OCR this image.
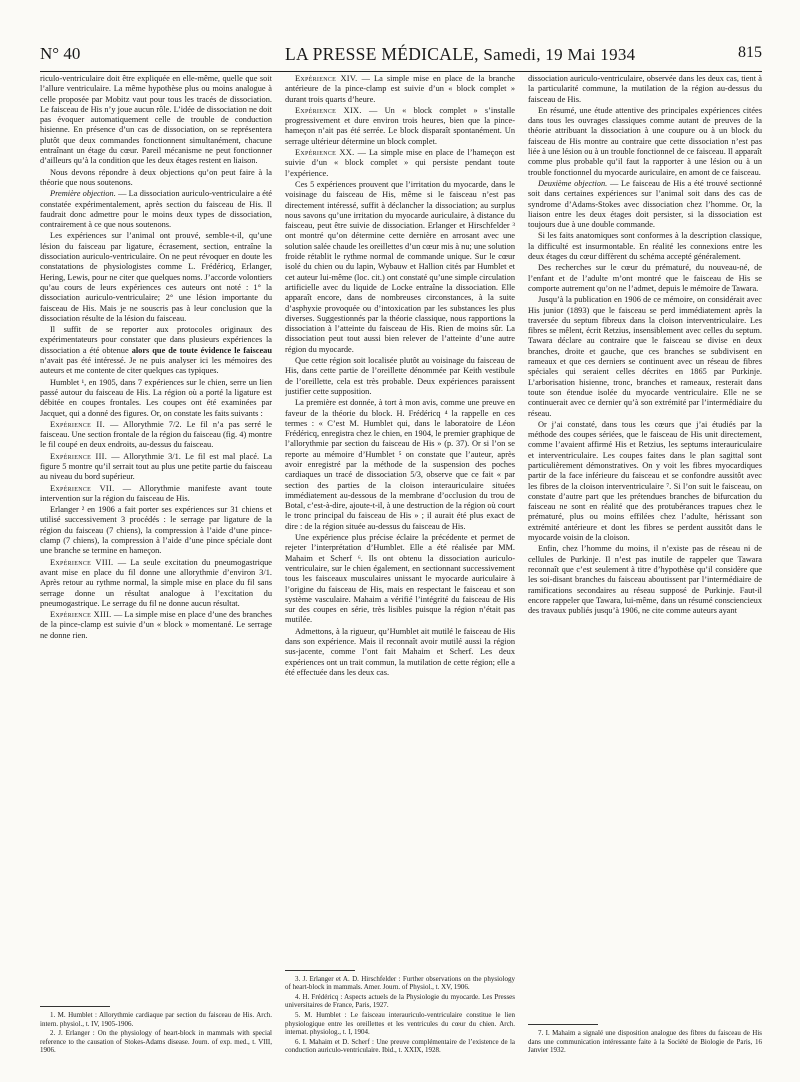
N° 40	LA PRESSE MÉDICALE, Samedi, 19 Mai 1934	815

riculo-ventriculaire doit être expliquée en elle-même, quelle que soit l’allure ventriculaire. La même hypothèse plus ou moins analogue à celle proposée par Mobitz vaut pour tous les tracés de dissociation. Le faisceau de His n’y joue aucun rôle. L’idée de dissociation ne doit pas évoquer automatiquement celle de trouble de conduction hisienne. En présence d’un cas de dissociation, on se représentera plutôt que deux commandes fonctionnent simultanément, chacune entraînant un étage du cœur. Pareil mécanisme ne peut fonctionner d’ailleurs qu’à la condition que les deux étages restent en liaison.

Nous devons répondre à deux objections qu’on peut faire à la théorie que nous soutenons.

Première objection. — La dissociation auriculo-ventriculaire a été constatée expérimentalement, après section du faisceau de His. Il faudrait donc admettre pour le moins deux types de dissociation, contrairement à ce que nous soutenons.

Les expériences sur l’animal ont prouvé, semble-t-il, qu’une lésion du faisceau par ligature, écrasement, section, entraîne la dissociation auriculo-ventriculaire. On ne peut révoquer en doute les constatations de physiologistes comme L. Frédéricq, Erlanger, Hering, Lewis, pour ne citer que quelques noms. J’accorde volontiers qu’au cours de leurs expériences ces auteurs ont noté : 1° la dissociation auriculo-ventriculaire; 2° une lésion importante du faisceau de His. Mais je ne souscris pas à leur conclusion que la dissociation résulte de la lésion du faisceau.

Il suffit de se reporter aux protocoles originaux des expérimentateurs pour constater que dans plusieurs expériences la dissociation a été obtenue alors que de toute évidence le faisceau n’avait pas été intéressé. Je ne puis analyser ici les mémoires des auteurs et me contente de citer quelques cas typiques.

Humblet ¹, en 1905, dans 7 expériences sur le chien, serre un lien passé autour du faisceau de His. La région où a porté la ligature est débitée en coupes frontales. Les coupes ont été examinées par Jacquet, qui a donné des figures. Or, on constate les faits suivants :

Expérience II. — Allorythmie 7/2. Le fil n’a pas serré le faisceau. Une section frontale de la région du faisceau (fig. 4) montre le fil coupé en deux endroits, au-dessus du faisceau.

Expérience III. — Allorythmie 3/1. Le fil est mal placé. La figure 5 montre qu’il serrait tout au plus une petite partie du faisceau au niveau du bord supérieur.

Expérience VII. — Allorythmie manifeste avant toute intervention sur la région du faisceau de His.

Erlanger ² en 1906 a fait porter ses expériences sur 31 chiens et utilisé successivement 3 procédés : le serrage par ligature de la région du faisceau (7 chiens), la compression à l’aide d’une pince-clamp (7 chiens), la compression à l’aide d’une pince spéciale dont une branche se termine en hameçon.

Expérience VIII. — La seule excitation du pneumogastrique avant mise en place du fil donne une allorythmie d’environ 3/1. Après retour au rythme normal, la simple mise en place du fil sans serrage donne un résultat analogue à l’excitation du pneumogastrique. Le serrage du fil ne donne aucun résultat.

Expérience XIII. — La simple mise en place d’une des branches de la pince-clamp est suivie d’un « block » momentané. Le serrage ne donne rien.

1. M. Humblet : Allorythmie cardiaque par section du faisceau de His. Arch. intern. physiol., t. IV, 1905-1906.

2. J. Erlanger : On the physiology of heart-block in mammals with special reference to the causation of Stokes-Adams disease. Journ. of exp. med., t. VIII, 1906.

Expérience XIV. — La simple mise en place de la branche antérieure de la pince-clamp est suivie d’un « block complet » durant trois quarts d’heure.

Expérience XIX. — Un « block complet » s’installe progressivement et dure environ trois heures, bien que la pince-hameçon n’ait pas été serrée. Le block disparaît spontanément. Un serrage ultérieur détermine un block complet.

Expérience XX. — La simple mise en place de l’hameçon est suivie d’un « block complet » qui persiste pendant toute l’expérience.

Ces 5 expériences prouvent que l’irritation du myocarde, dans le voisinage du faisceau de His, même si le faisceau n’est pas directement intéressé, suffit à déclancher la dissociation; au surplus nous savons qu’une irritation du myocarde auriculaire, à distance du faisceau, peut être suivie de dissociation. Erlanger et Hirschfelder ³ ont montré qu’on détermine cette dernière en arrosant avec une solution salée chaude les oreillettes d’un cœur mis à nu; une solution froide rétablit le rythme normal de commande unique. Sur le cœur isolé du chien ou du lapin, Wybauw et Hallion cités par Humblet et cet auteur lui-même (loc. cit.) ont constaté qu’une simple circulation artificielle avec du liquide de Locke entraîne la dissociation. Elle apparaît encore, dans de nombreuses circonstances, à la suite d’asphyxie provoquée ou d’intoxication par les substances les plus diverses. Suggestionnés par la théorie classique, nous rapportions la dissociation à l’atteinte du faisceau de His. Rien de moins sûr. La dissociation peut tout aussi bien relever de l’atteinte d’une autre région du myocarde.

Que cette région soit localisée plutôt au voisinage du faisceau de His, dans cette partie de l’oreillette dénommée par Keith vestibule de l’oreillette, cela est très probable. Deux expériences paraissent justifier cette supposition.

La première est donnée, à tort à mon avis, comme une preuve en faveur de la théorie du block. H. Frédéricq ⁴ la rappelle en ces termes : « C’est M. Humblet qui, dans le laboratoire de Léon Frédéricq, enregistra chez le chien, en 1904, le premier graphique de l’allorythmie par section du faisceau de His » (p. 37). Or si l’on se reporte au mémoire d’Humblet ⁵ on constate que l’auteur, après avoir enregistré par la méthode de la suspension des poches cardiaques un tracé de dissociation 5/3, observe que ce fait « par section des parties de la cloison interauriculaire situées immédiatement au-dessous de la membrane d’occlusion du trou de Botal, c’est-à-dire, ajoute-t-il, à une destruction de la région où court le tronc principal du faisceau de His » ; il aurait été plus exact de dire : de la région située au-dessus du faisceau de His.

Une expérience plus précise éclaire la précédente et permet de rejeter l’interprétation d’Humblet. Elle a été réalisée par MM. Mahaim et Scherf ⁶. Ils ont obtenu la dissociation auriculo-ventriculaire, sur le chien également, en sectionnant successivement tous les faisceaux musculaires unissant le myocarde auriculaire à l’origine du faisceau de His, mais en respectant le faisceau et son système vasculaire. Mahaim a vérifié l’intégrité du faisceau de His sur des coupes en série, très lisibles puisque la région n’était pas mutilée.

Admettons, à la rigueur, qu’Humblet ait mutilé le faisceau de His dans son expérience. Mais il reconnaît avoir mutilé aussi la région sus-jacente, comme l’ont fait Mahaim et Scherf. Les deux expériences ont un trait commun, la mutilation de cette région; elle a été effectuée dans les deux cas.

3. J. Erlanger et A. D. Hirschfelder : Further observations on the physiology of heart-block in mammals. Amer. Journ. of Physiol., t. XV, 1906.

4. H. Frédéricq : Aspects actuels de la Physiologie du myocarde. Les Presses universitaires de France, Paris, 1927.

5. M. Humblet : Le faisceau interauriculo-ventriculaire constitue le lien physiologique entre les oreillettes et les ventricules du cœur du chien. Arch. internat. physiolog., t. I, 1904.

6. I. Mahaim et D. Scherf : Une preuve complémentaire de l’existence de la conduction auriculo-ventriculaire. Ibid., t. XXIX, 1928.

dissociation auriculo-ventriculaire, observée dans les deux cas, tient à la particularité commune, la mutilation de la région au-dessus du faisceau de His.

En résumé, une étude attentive des principales expériences citées dans tous les ouvrages classiques comme autant de preuves de la théorie attribuant la dissociation à une coupure ou à un block du faisceau de His montre au contraire que cette dissociation n’est pas liée à une lésion ou à un trouble fonctionnel de ce faisceau. Il apparaît comme plus probable qu’il faut la rapporter à une lésion ou à un trouble fonctionnel du myocarde auriculaire, en amont de ce faisceau.

Deuxième objection. — Le faisceau de His a été trouvé sectionné soit dans certaines expériences sur l’animal soit dans des cas de syndrome d’Adams-Stokes avec dissociation chez l’homme. Or, la liaison entre les deux étages doit persister, si la dissociation est toujours due à une double commande.

Si les faits anatomiques sont conformes à la description classique, la difficulté est insurmontable. En réalité les connexions entre les deux étages du cœur diffèrent du schéma accepté généralement.

Des recherches sur le cœur du prématuré, du nouveau-né, de l’enfant et de l’adulte m’ont montré que le faisceau de His se comporte autrement qu’on ne l’admet, depuis le mémoire de Tawara.

Jusqu’à la publication en 1906 de ce mémoire, on considérait avec His junior (1893) que le faisceau se perd immédiatement après la traversée du septum fibreux dans la cloison interventriculaire. Les fibres se mêlent, écrit Retzius, insensiblement avec celles du septum. Tawara déclare au contraire que le faisceau se divise en deux branches, droite et gauche, que ces branches se subdivisent en rameaux et que ces derniers se continuent avec un réseau de fibres spéciales qui seraient celles décrites en 1865 par Purkinje. L’arborisation hisienne, tronc, branches et rameaux, resterait dans toute son étendue isolée du myocarde ventriculaire. Elle ne se continuerait avec ce dernier qu’à son extrémité par l’intermédiaire du réseau.

Or j’ai constaté, dans tous les cœurs que j’ai étudiés par la méthode des coupes sériées, que le faisceau de His unit directement, comme l’avaient affirmé His et Retzius, les septums interauriculaire et interventriculaire. Les coupes faites dans le plan sagittal sont particulièrement démonstratives. On y voit les fibres myocardiques partir de la face inférieure du faisceau et se confondre aussitôt avec les fibres de la cloison interventriculaire ⁷. Si l’on suit le faisceau, on constate d’autre part que les prétendues branches de bifurcation du faisceau ne sont en réalité que des protubérances trapues chez le prématuré, plus ou moins effilées chez l’adulte, hérissant son extrémité antérieure et dont les fibres se perdent aussitôt dans le myocarde voisin de la cloison.

Enfin, chez l’homme du moins, il n’existe pas de réseau ni de cellules de Purkinje. Il n’est pas inutile de rappeler que Tawara reconnaît que c’est seulement à titre d’hypothèse qu’il considère que les soi-disant branches du faisceau aboutissent par l’intermédiaire de ramifications secondaires au réseau supposé de Purkinje. Faut-il encore rappeler que Tawara, lui-même, dans un résumé consciencieux des travaux publiés jusqu’à 1906, ne cite comme auteurs ayant

7. I. Mahaim a signalé une disposition analogue des fibres du faisceau de His dans une communication intéressante faite à la Société de Biologie de Paris, 16 Janvier 1932.
